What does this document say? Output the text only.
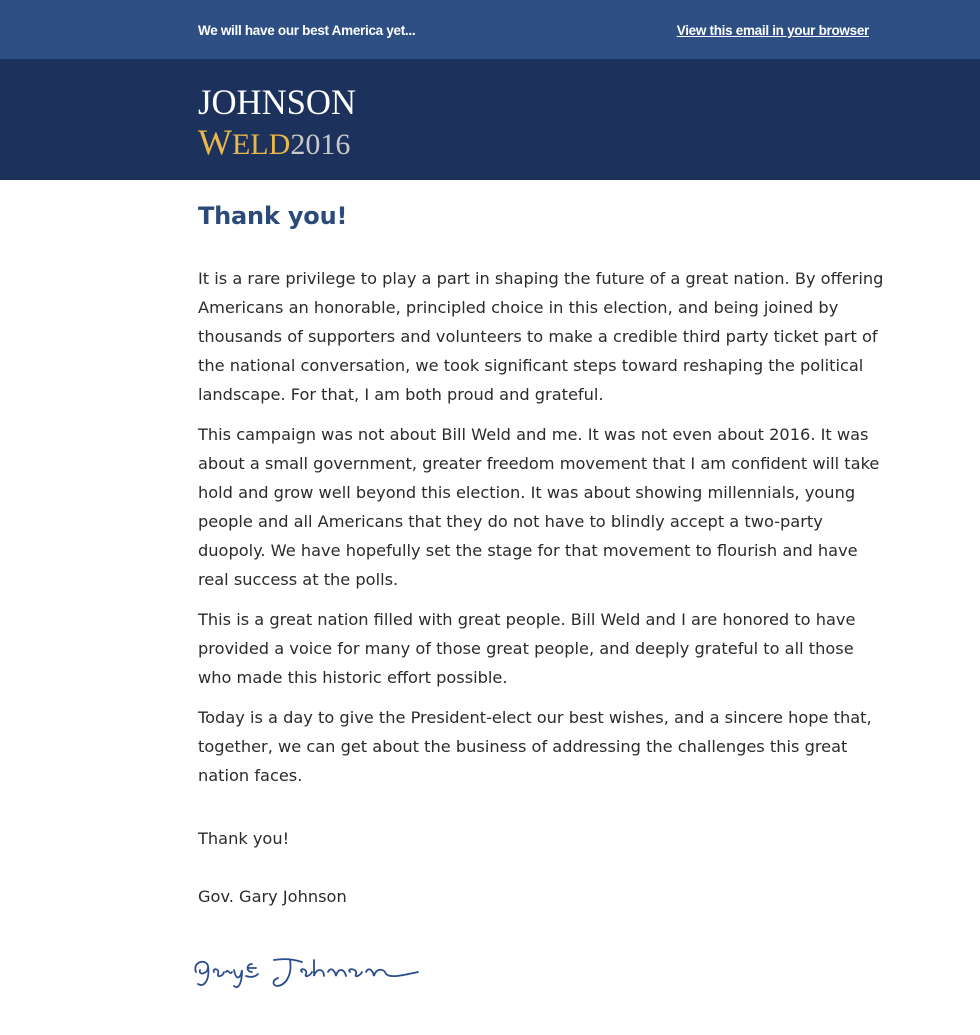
We will have our best America yet...	View this email in your browser
JOHNSON
WELD2016
Thank you!

It is a rare privilege to play a part in shaping the future of a great nation. By offering Americans an honorable, principled choice in this election, and being joined by thousands of supporters and volunteers to make a credible third party ticket part of the national conversation, we took significant steps toward reshaping the political landscape. For that, I am both proud and grateful.

This campaign was not about Bill Weld and me. It was not even about 2016. It was about a small government, greater freedom movement that I am confident will take hold and grow well beyond this election. It was about showing millennials, young people and all Americans that they do not have to blindly accept a two-party duopoly. We have hopefully set the stage for that movement to flourish and have real success at the polls.

This is a great nation filled with great people. Bill Weld and I are honored to have provided a voice for many of those great people, and deeply grateful to all those who made this historic effort possible.

Today is a day to give the President-elect our best wishes, and a sincere hope that, together, we can get about the business of addressing the challenges this great nation faces.

Thank you!
Gov. Gary Johnson
Gary E Johnson
